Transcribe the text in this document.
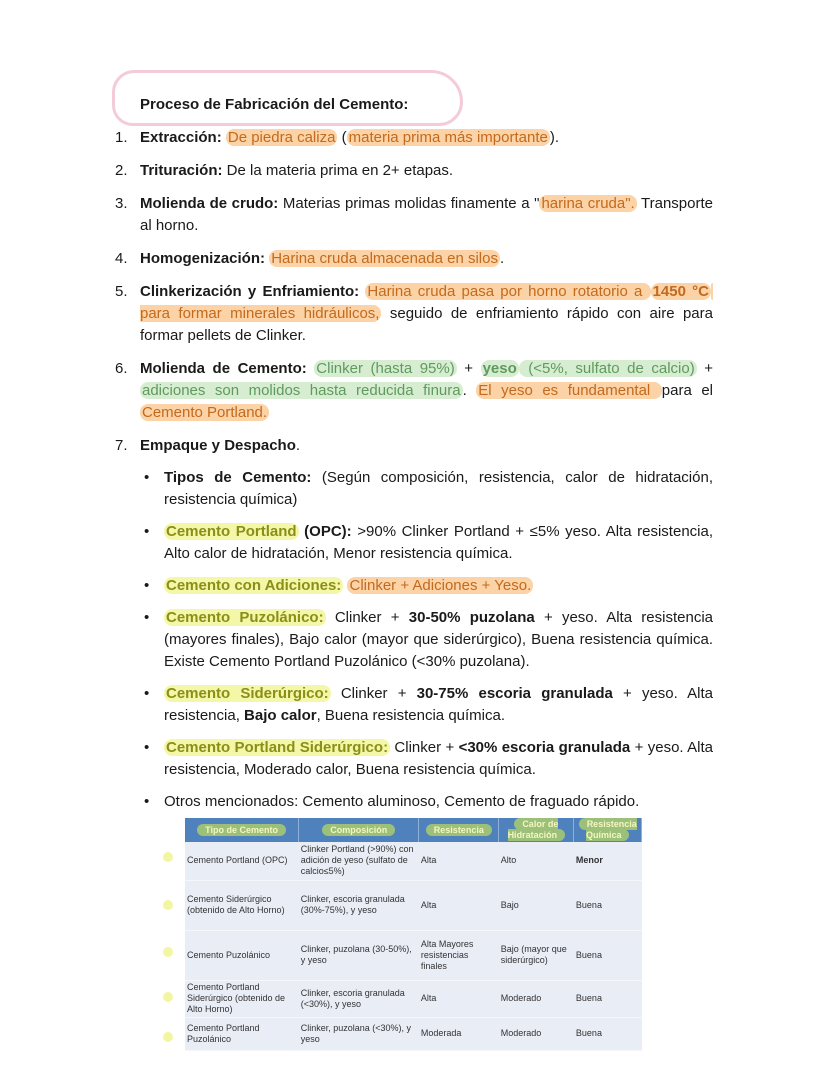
Proceso de Fabricación del Cemento:
1. Extracción: De piedra caliza ( materia prima más importante ).
2. Trituración: De la materia prima en 2+ etapas.
3. Molienda de crudo: Materias primas molidas finamente a " harina cruda". Transporte al horno.
4. Homogenización: Harina cruda almacenada en silos .
5. Clinkerización y Enfriamiento: Harina cruda pasa por horno rotatorio a 1450 °C para formar minerales hidráulicos, seguido de enfriamiento rápido con aire para formar pellets de Clinker.
6. Molienda de Cemento: Clinker (hasta 95%) + yeso (<5%, sulfato de calcio) + adiciones son molidos hasta reducida finura . El yeso es fundamental para el Cemento Portland.
7. Empaque y Despacho.
• Tipos de Cemento: (Según composición, resistencia, calor de hidratación, resistencia química)
• Cemento Portland (OPC): >90% Clinker Portland + ≤5% yeso. Alta resistencia, Alto calor de hidratación, Menor resistencia química.
• Cemento con Adiciones: Clinker + Adiciones + Yeso.
• Cemento Puzolánico: Clinker + 30-50% puzolana + yeso. Alta resistencia (mayores finales), Bajo calor (mayor que siderúrgico), Buena resistencia química. Existe Cemento Portland Puzolánico (<30% puzolana).
• Cemento Siderúrgico: Clinker + 30-75% escoria granulada + yeso. Alta resistencia, Bajo calor, Buena resistencia química.
• Cemento Portland Siderúrgico: Clinker + <30% escoria granulada + yeso. Alta resistencia, Moderado calor, Buena resistencia química.
• Otros mencionados: Cemento aluminoso, Cemento de fraguado rápido.
Tipo de Cemento	Composición	Resistencia	Calor de Hidratación	Resistencia Química
Cemento Portland (OPC)	Clinker Portland (>90%) con adición de yeso (sulfato de calcio≤5%)	Alta	Alto	Menor
Cemento Siderúrgico (obtenido de Alto Horno)	Clinker, escoria granulada (30%-75%), y yeso	Alta	Bajo	Buena
Cemento Puzolánico	Clinker, puzolana (30-50%), y yeso	Alta Mayores resistencias finales	Bajo (mayor que siderúrgico)	Buena
Cemento Portland Siderúrgico (obtenido de Alto Horno)	Clinker, escoria granulada (<30%), y yeso	Alta	Moderado	Buena
Cemento Portland Puzolánico	Clinker, puzolana (<30%), y yeso	Moderada	Moderado	Buena
